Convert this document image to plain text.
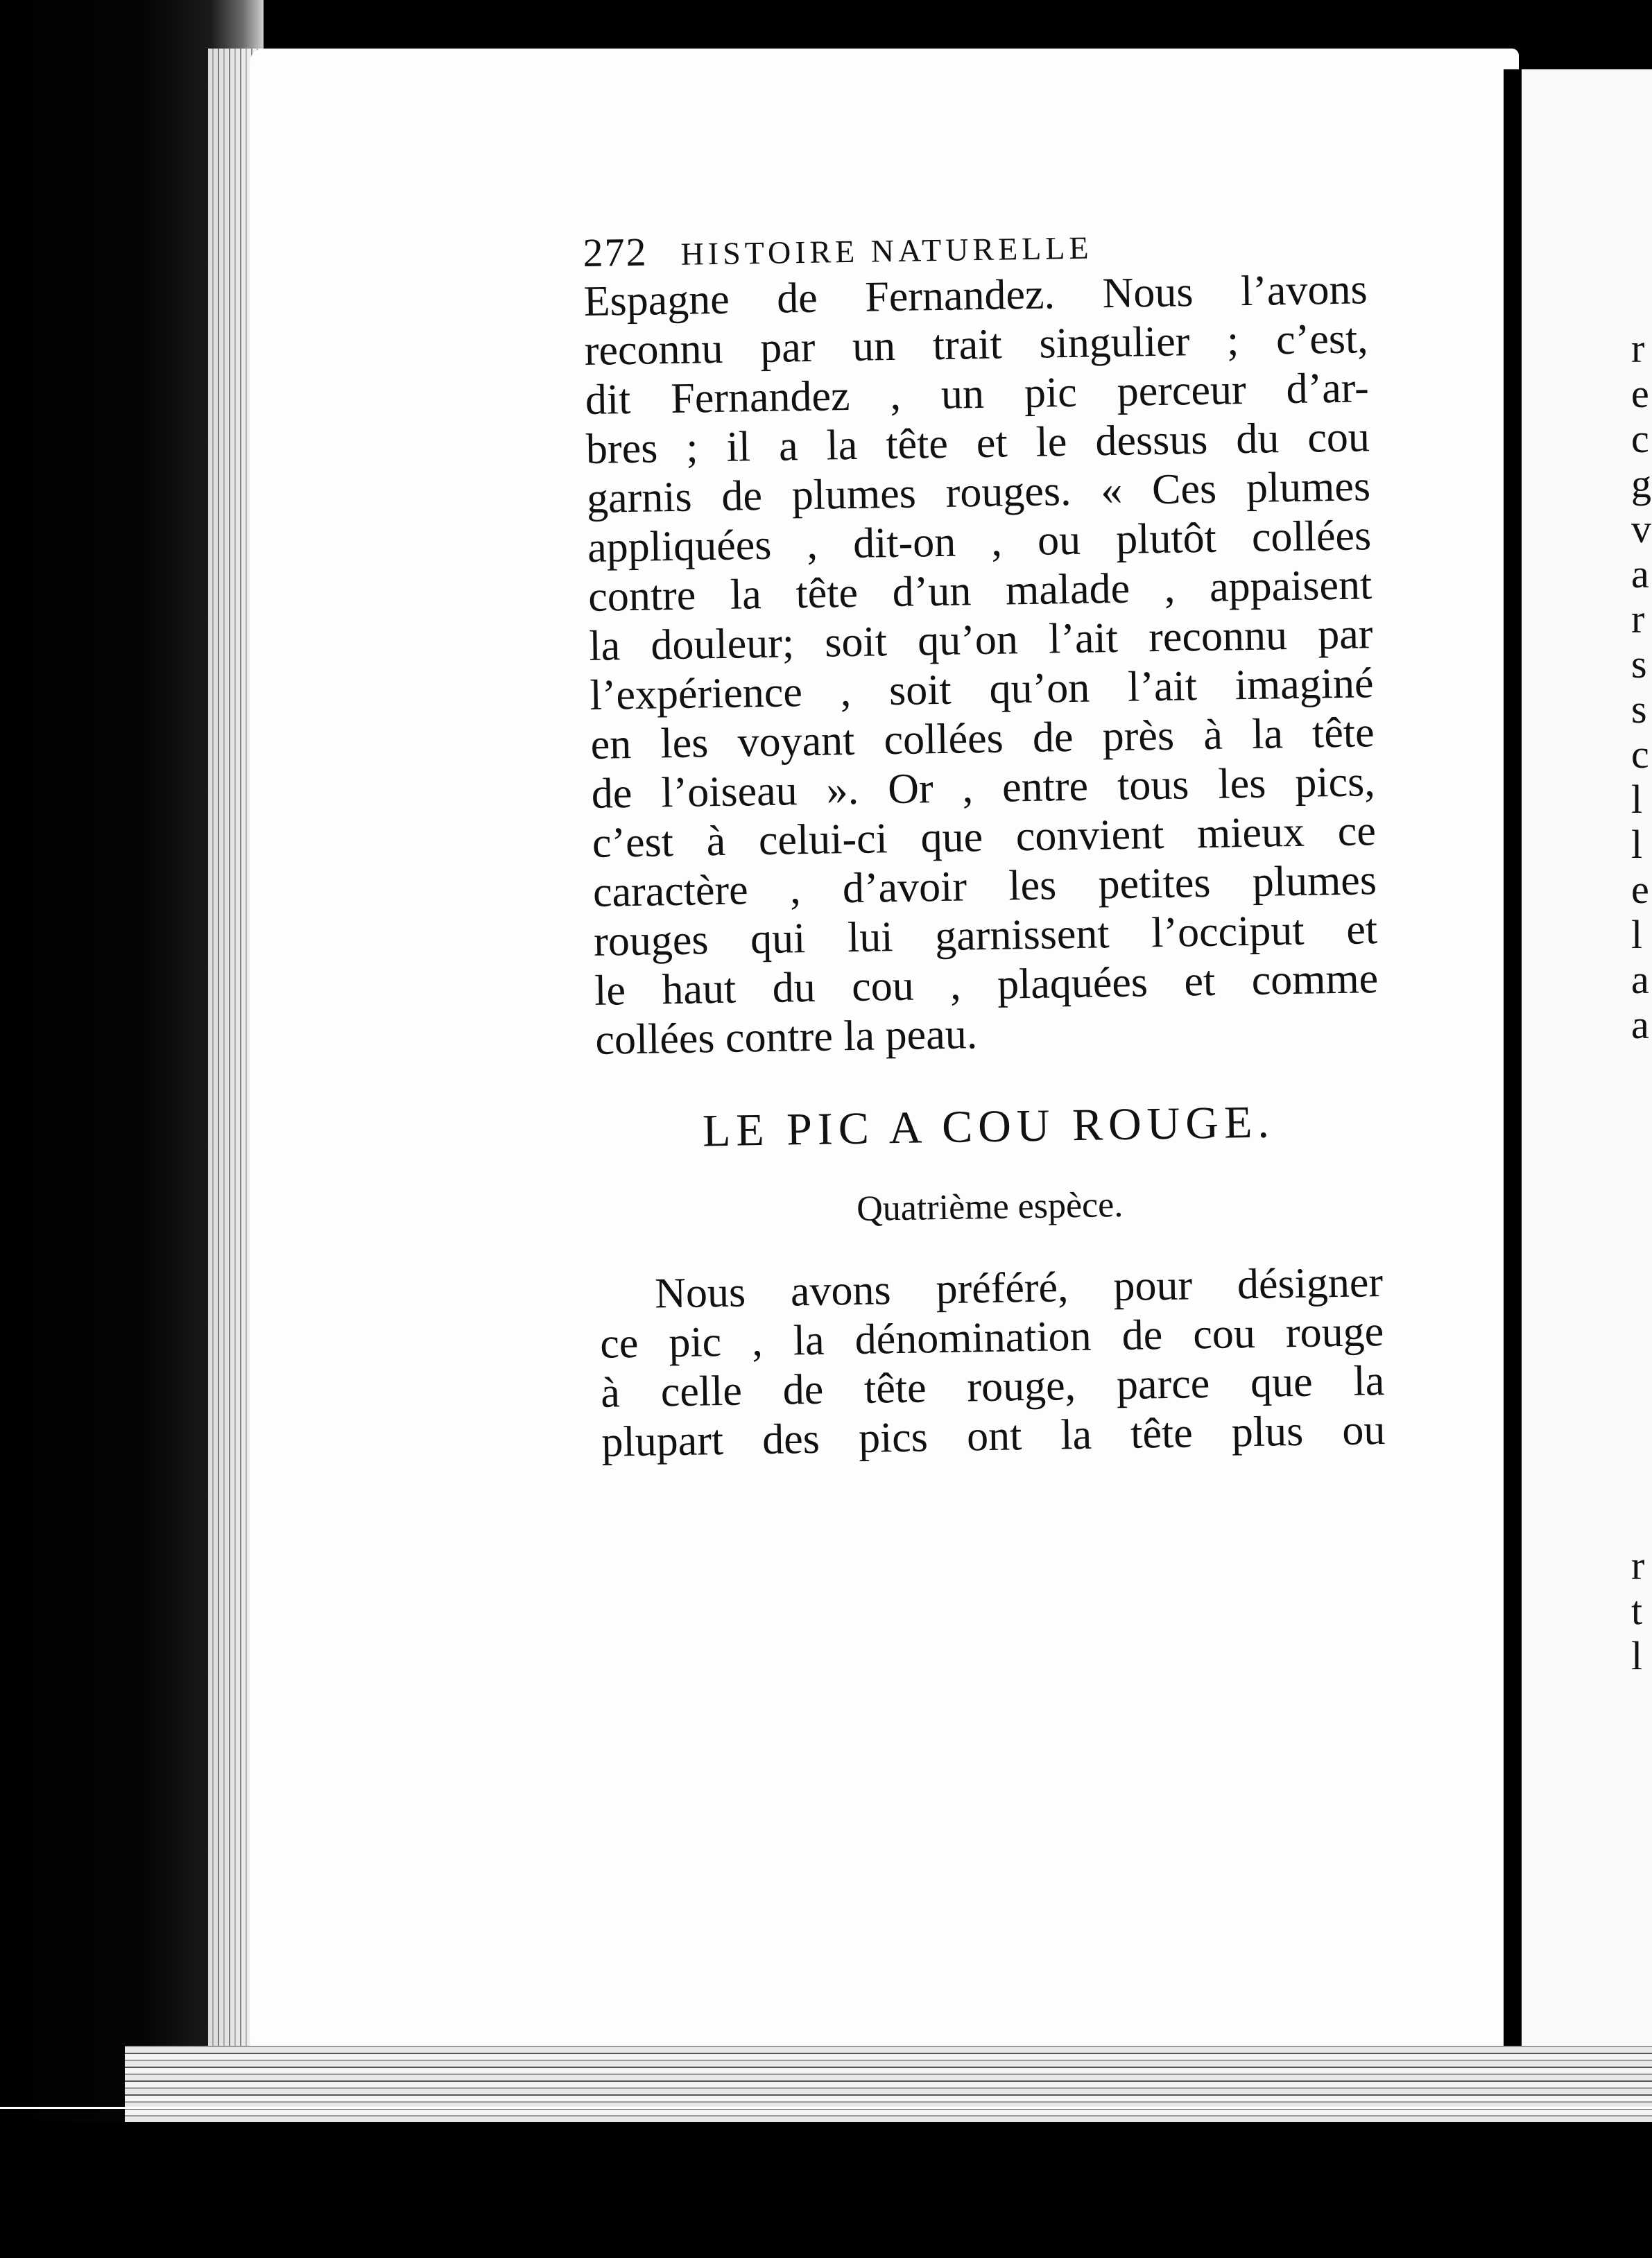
272 HISTOIRE NATURELLE
Espagne de Fernandez. Nous l’avons
reconnu par un trait singulier ; c’est,
dit Fernandez , un pic perceur d’ar-
bres ; il a la tête et le dessus du cou
garnis de plumes rouges. « Ces plumes
appliquées , dit-on , ou plutôt collées
contre la tête d’un malade , appaisent
la douleur; soit qu’on l’ait reconnu par
l’expérience , soit qu’on l’ait imaginé
en les voyant collées de près à la tête
de l’oiseau ». Or , entre tous les pics,
c’est à celui-ci que convient mieux ce
caractère , d’avoir les petites plumes
rouges qui lui garnissent l’occiput et
le haut du cou , plaquées et comme
collées contre la peau.
LE PIC A COU ROUGE.
Quatrième espèce.
Nous avons préféré, pour désigner
ce pic , la dénomination de cou rouge
à celle de tête rouge, parce que la
plupart des pics ont la tête plus ou
r
e
c
g
v
a
r
s
s
c
l
l
e
l
a
a
r
t
l
